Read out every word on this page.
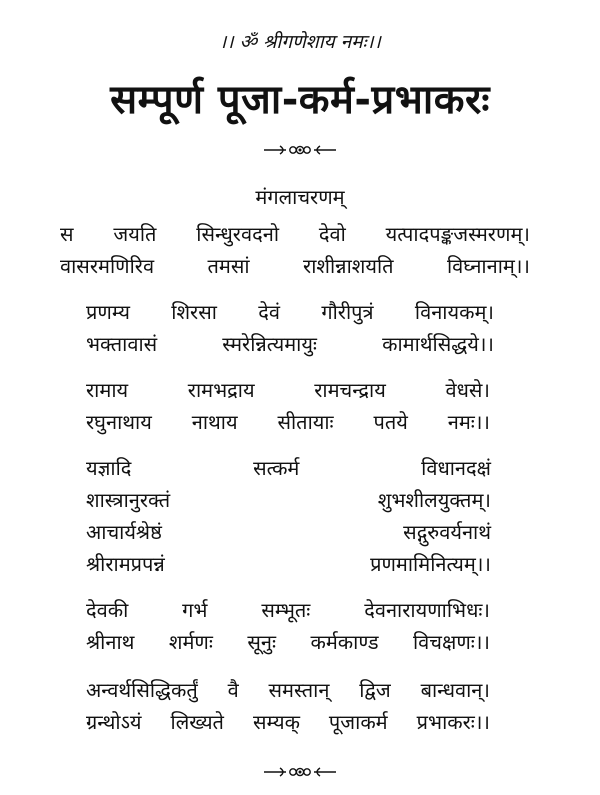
।। ॐ श्रीगणेशाय नमः।।
सम्पूर्ण पूजा-कर्म-प्रभाकरः
मंगलाचरणम्
स जयति सिन्धुरवदनो देवो यत्पादपङ्कजस्मरणम्।
वासरमणिरिव तमसां राशीन्नाशयति विघ्नानाम्।।
प्रणम्य शिरसा देवं गौरीपुत्रं विनायकम्।
भक्तावासं स्मरेन्नित्यमायुः कामार्थसिद्धये।।
रामाय रामभद्राय रामचन्द्राय वेधसे।
रघुनाथाय नाथाय सीतायाः पतये नमः।।
यज्ञादि	सत्कर्म	विधानदक्षं
शास्त्रानुरक्तं	शुभशीलयुक्तम्।
आचार्यश्रेष्ठं	सद्गुरुवर्यनाथं
श्रीरामप्रपन्नं	प्रणमामिनित्यम्।।
देवकी गर्भ सम्भूतः देवनारायणाभिधः।
श्रीनाथ शर्मणः सूनुः कर्मकाण्ड विचक्षणः।।
अन्वर्थसिद्धिकर्तुं वै समस्तान् द्विज बान्धवान्।
ग्रन्थोऽयं लिख्यते सम्यक् पूजाकर्म प्रभाकरः।।
